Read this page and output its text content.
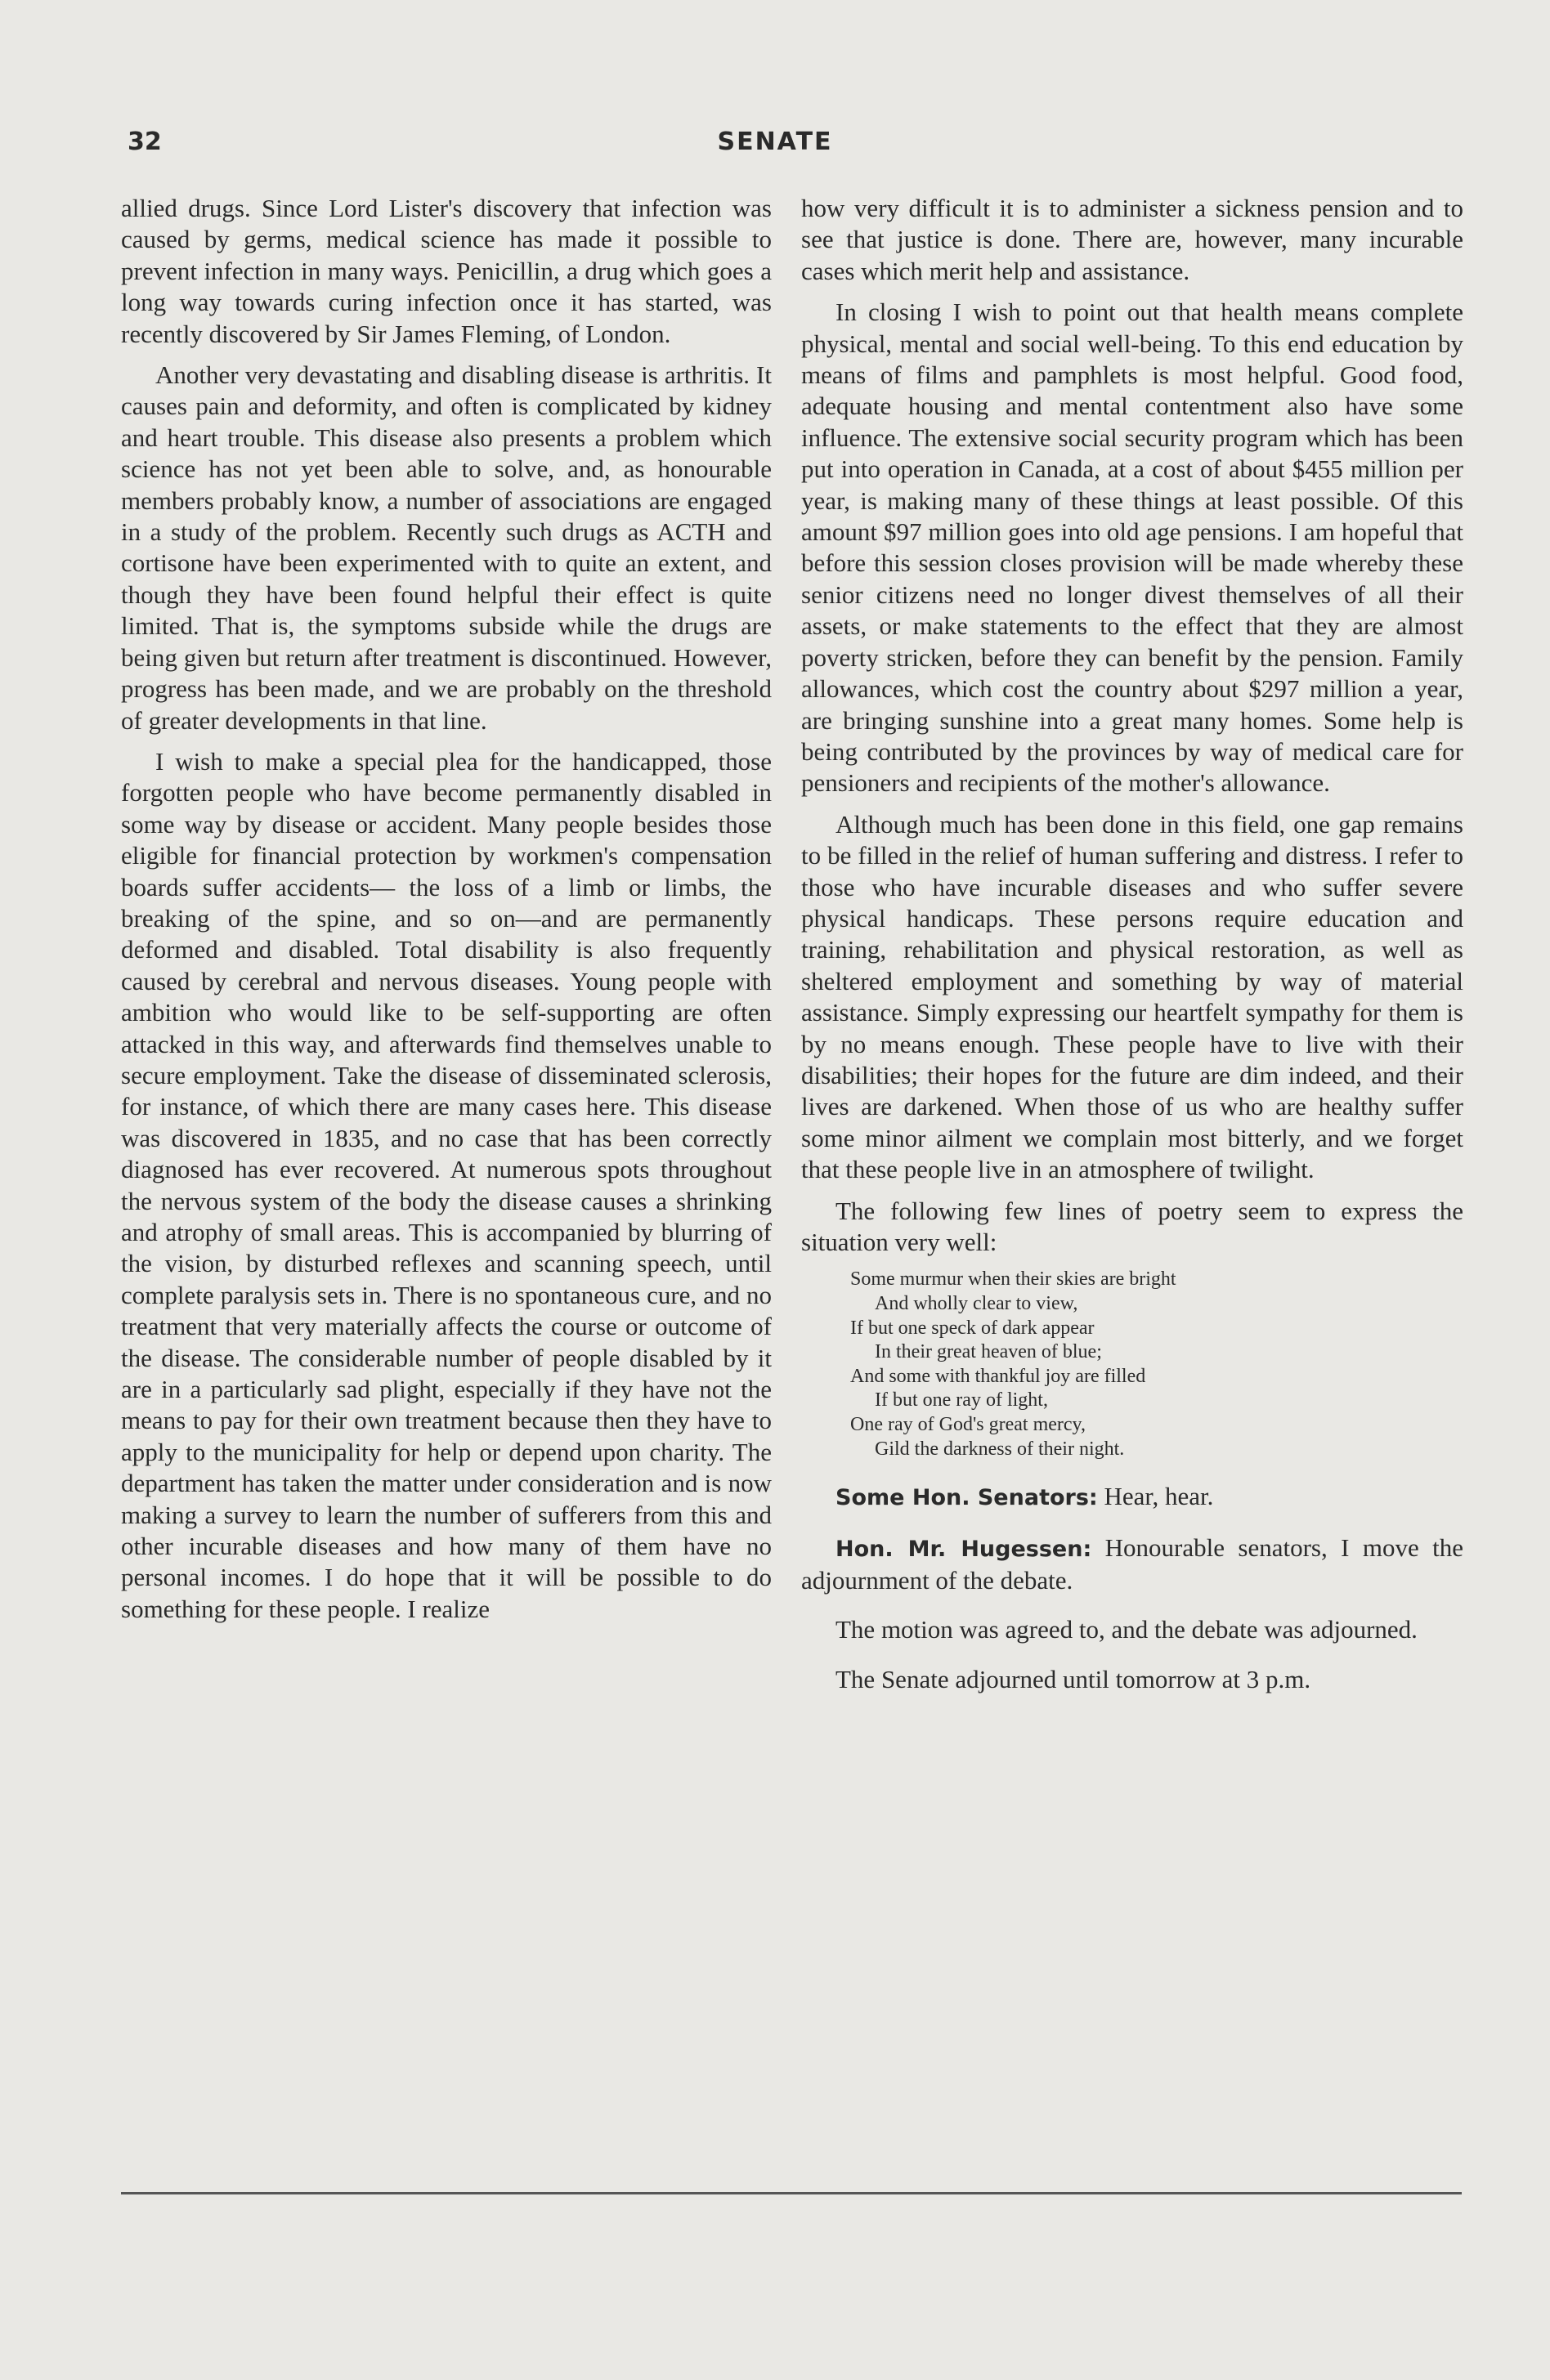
32	SENATE

allied drugs. Since Lord Lister's discovery that infection was caused by germs, medical science has made it possible to prevent infection in many ways. Penicillin, a drug which goes a long way towards curing infection once it has started, was recently discovered by Sir James Fleming, of London.

Another very devastating and disabling disease is arthritis. It causes pain and deformity, and often is complicated by kidney and heart trouble. This disease also presents a problem which science has not yet been able to solve, and, as honourable members probably know, a number of associations are engaged in a study of the problem. Recently such drugs as ACTH and cortisone have been experimented with to quite an extent, and though they have been found helpful their effect is quite limited. That is, the symptoms subside while the drugs are being given but return after treatment is discontinued. However, progress has been made, and we are probably on the threshold of greater developments in that line.

I wish to make a special plea for the handicapped, those forgotten people who have become permanently disabled in some way by disease or accident. Many people besides those eligible for financial protection by workmen's compensation boards suffer accidents— the loss of a limb or limbs, the breaking of the spine, and so on—and are permanently deformed and disabled. Total disability is also frequently caused by cerebral and nervous diseases. Young people with ambition who would like to be self-supporting are often attacked in this way, and afterwards find themselves unable to secure employment. Take the disease of disseminated sclerosis, for instance, of which there are many cases here. This disease was discovered in 1835, and no case that has been correctly diagnosed has ever recovered. At numerous spots throughout the nervous system of the body the disease causes a shrinking and atrophy of small areas. This is accompanied by blurring of the vision, by disturbed reflexes and scanning speech, until complete paralysis sets in. There is no spontaneous cure, and no treatment that very materially affects the course or outcome of the disease. The considerable number of people disabled by it are in a particularly sad plight, especially if they have not the means to pay for their own treatment because then they have to apply to the municipality for help or depend upon charity. The department has taken the matter under consideration and is now making a survey to learn the number of sufferers from this and other incurable diseases and how many of them have no personal incomes. I do hope that it will be possible to do something for these people. I realize

how very difficult it is to administer a sickness pension and to see that justice is done. There are, however, many incurable cases which merit help and assistance.

In closing I wish to point out that health means complete physical, mental and social well-being. To this end education by means of films and pamphlets is most helpful. Good food, adequate housing and mental contentment also have some influence. The extensive social security program which has been put into operation in Canada, at a cost of about $455 million per year, is making many of these things at least possible. Of this amount $97 million goes into old age pensions. I am hopeful that before this session closes provision will be made whereby these senior citizens need no longer divest themselves of all their assets, or make statements to the effect that they are almost poverty stricken, before they can benefit by the pension. Family allowances, which cost the country about $297 million a year, are bringing sunshine into a great many homes. Some help is being contributed by the provinces by way of medical care for pensioners and recipients of the mother's allowance.

Although much has been done in this field, one gap remains to be filled in the relief of human suffering and distress. I refer to those who have incurable diseases and who suffer severe physical handicaps. These persons require education and training, rehabilitation and physical restoration, as well as sheltered employment and something by way of material assistance. Simply expressing our heartfelt sympathy for them is by no means enough. These people have to live with their disabilities; their hopes for the future are dim indeed, and their lives are darkened. When those of us who are healthy suffer some minor ailment we complain most bitterly, and we forget that these people live in an atmosphere of twilight.

The following few lines of poetry seem to express the situation very well:

Some murmur when their skies are bright
And wholly clear to view,
If but one speck of dark appear
In their great heaven of blue;
And some with thankful joy are filled
If but one ray of light,
One ray of God's great mercy,
Gild the darkness of their night.

Some Hon. Senators: Hear, hear.

Hon. Mr. Hugessen: Honourable senators, I move the adjournment of the debate.

The motion was agreed to, and the debate was adjourned.

The Senate adjourned until tomorrow at 3 p.m.
